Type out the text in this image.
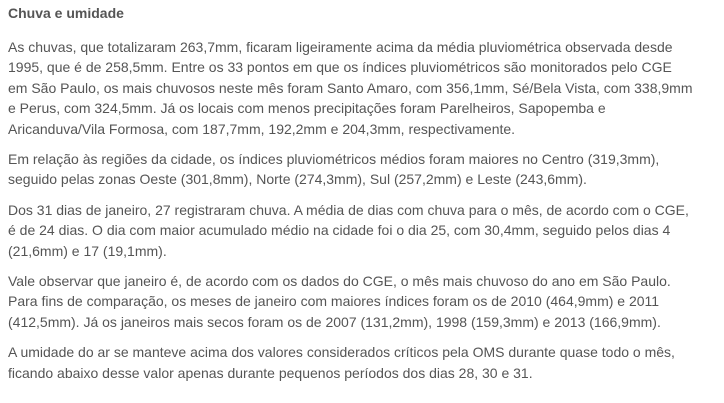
Chuva e umidade

As chuvas, que totalizaram 263,7mm, ficaram ligeiramente acima da média pluviométrica observada desde
1995, que é de 258,5mm. Entre os 33 pontos em que os índices pluviométricos são monitorados pelo CGE
em São Paulo, os mais chuvosos neste mês foram Santo Amaro, com 356,1mm, Sé/Bela Vista, com 338,9mm
e Perus, com 324,5mm. Já os locais com menos precipitações foram Parelheiros, Sapopemba e
Aricanduva/Vila Formosa, com 187,7mm, 192,2mm e 204,3mm, respectivamente.

Em relação às regiões da cidade, os índices pluviométricos médios foram maiores no Centro (319,3mm),
seguido pelas zonas Oeste (301,8mm), Norte (274,3mm), Sul (257,2mm) e Leste (243,6mm).

Dos 31 dias de janeiro, 27 registraram chuva. A média de dias com chuva para o mês, de acordo com o CGE,
é de 24 dias. O dia com maior acumulado médio na cidade foi o dia 25, com 30,4mm, seguido pelos dias 4
(21,6mm) e 17 (19,1mm).

Vale observar que janeiro é, de acordo com os dados do CGE, o mês mais chuvoso do ano em São Paulo.
Para fins de comparação, os meses de janeiro com maiores índices foram os de 2010 (464,9mm) e 2011
(412,5mm). Já os janeiros mais secos foram os de 2007 (131,2mm), 1998 (159,3mm) e 2013 (166,9mm).

A umidade do ar se manteve acima dos valores considerados críticos pela OMS durante quase todo o mês,
ficando abaixo desse valor apenas durante pequenos períodos dos dias 28, 30 e 31.
